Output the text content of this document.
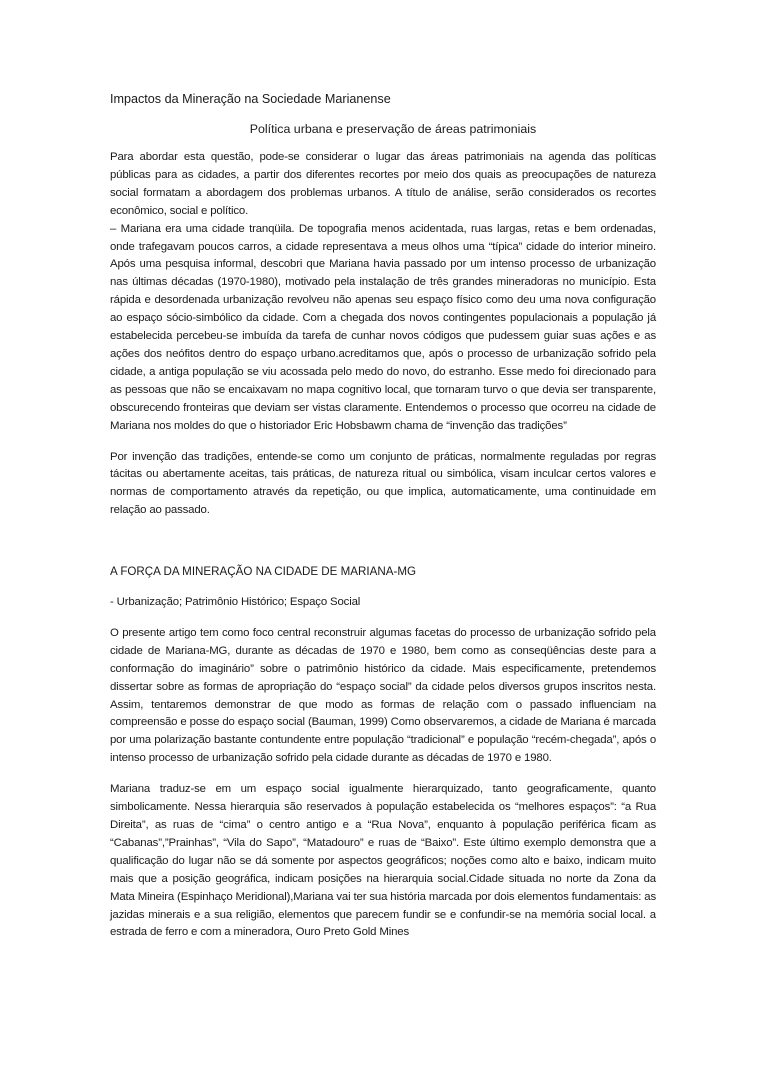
Impactos da Mineração na Sociedade Marianense
Política urbana e preservação de áreas patrimoniais

Para abordar esta questão, pode-se considerar o lugar das áreas patrimoniais na agenda das políticas públicas para as cidades, a partir dos diferentes recortes por meio dos quais as preocupações de natureza social formatam a abordagem dos problemas urbanos. A título de análise, serão considerados os recortes econômico, social e político.

– Mariana era uma cidade tranqüila. De topografia menos acidentada, ruas largas, retas e bem ordenadas, onde trafegavam poucos carros, a cidade representava a meus olhos uma “típica” cidade do interior mineiro. Após uma pesquisa informal, descobri que Mariana havia passado por um intenso processo de urbanização nas últimas décadas (1970-1980), motivado pela instalação de três grandes mineradoras no município. Esta rápida e desordenada urbanização revolveu não apenas seu espaço físico como deu uma nova configuração ao espaço sócio-simbólico da cidade. Com a chegada dos novos contingentes populacionais a população já estabelecida percebeu-se imbuída da tarefa de cunhar novos códigos que pudessem guiar suas ações e as ações dos neófitos dentro do espaço urbano.acreditamos que, após o processo de urbanização sofrido pela cidade, a antiga população se viu acossada pelo medo do novo, do estranho. Esse medo foi direcionado para as pessoas que não se encaixavam no mapa cognitivo local, que tornaram turvo o que devia ser transparente, obscurecendo fronteiras que deviam ser vistas claramente. Entendemos o processo que ocorreu na cidade de Mariana nos moldes do que o historiador Eric Hobsbawm chama de “invenção das tradições”

Por invenção das tradições, entende-se como um conjunto de práticas, normalmente reguladas por regras tácitas ou abertamente aceitas, tais práticas, de natureza ritual ou simbólica, visam inculcar certos valores e normas de comportamento através da repetição, ou que implica, automaticamente, uma continuidade em relação ao passado.

A FORÇA DA MINERAÇÃO NA CIDADE DE MARIANA-MG
- Urbanização; Patrimônio Histórico; Espaço Social

O presente artigo tem como foco central reconstruir algumas facetas do processo de urbanização sofrido pela cidade de Mariana-MG, durante as décadas de 1970 e 1980, bem como as conseqüências deste para a conformação do imaginário” sobre o patrimônio histórico da cidade. Mais especificamente, pretendemos dissertar sobre as formas de apropriação do “espaço social” da cidade pelos diversos grupos inscritos nesta. Assim, tentaremos demonstrar de que modo as formas de relação com o passado influenciam na compreensão e posse do espaço social (Bauman, 1999) Como observaremos, a cidade de Mariana é marcada por uma polarização bastante contundente entre população “tradicional” e população “recém-chegada”, após o intenso processo de urbanização sofrido pela cidade durante as décadas de 1970 e 1980.

Mariana traduz-se em um espaço social igualmente hierarquizado, tanto geograficamente, quanto simbolicamente. Nessa hierarquia são reservados à população estabelecida os “melhores espaços”: “a Rua Direita”, as ruas de “cima” o centro antigo e a “Rua Nova”, enquanto à população periférica ficam as “Cabanas”,”Prainhas”, “Vila do Sapo”, “Matadouro” e ruas de “Baixo”. Este último exemplo demonstra que a qualificação do lugar não se dá somente por aspectos geográficos; noções como alto e baixo, indicam muito mais que a posição geográfica, indicam posições na hierarquia social.Cidade situada no norte da Zona da Mata Mineira (Espinhaço Meridional),Mariana vai ter sua história marcada por dois elementos fundamentais: as jazidas minerais e a sua religião, elementos que parecem fundir se e confundir-se na memória social local. a estrada de ferro e com a mineradora, Ouro Preto Gold Mines
